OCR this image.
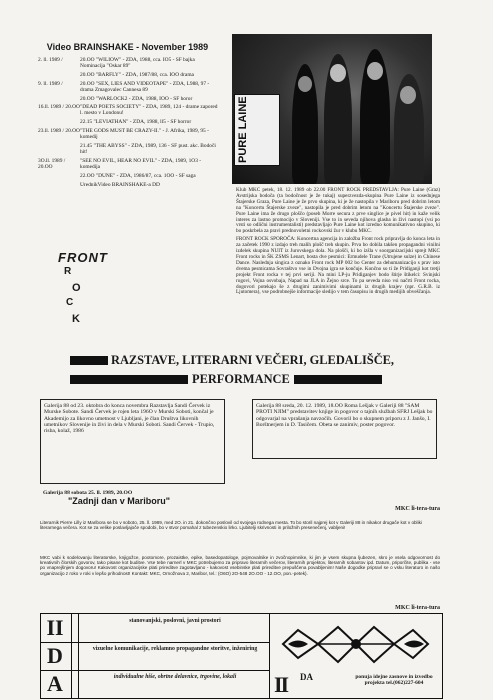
Video BRAINSHAKE - November 1989
2. ll. 1989 /	20.OO "WILIOW" - ZDA, 1988, cca. IO5 - SF bajka Nominacija "Oskar 89"
20.OO "BARFLY" - ZDA, 1987/88, cca. IOO drama
9. ll. 1989 /	20.OO "SEX, LIES AND VIDEOTAPE" - ZDA, L988, 97 - drama Zmagovalec Cannesa 89
20.OO "WARLOCK2 - ZDA, 1988, IOO - SF horor
16.ll. 1989 / 20.OO "DEAD POETS SOCIETY" - ZDA, 1989, 124 - drame zapored l. mesto v Londonu!
22.15 "LEVIATHAN" - ZDA, 1988, ll5 - SF horror
23.ll. 1989 / 20.OO "THE GODS MUST BE CRAZY-II." - J. Afrika, 1989, 95 - komedij
21.45 "THE ABYSS" - ZDA, 1989, 136 - SF pust. akc. Bodoči hit!
3O.ll. 1989 / 20.OO
"SEE NO EVIL, HEAR NO EVIL" - ZDA, 1989, 1O3 - komedija
22.OO "DUNE" - ZDA, 1986/87, cca. 1OO - SF saga
UrednikVideo BRAINSHAKE-a DD
FRONT
R
O
C
K
PURE LAINE

Klub MKC petek, 18. 12. 1989 ob 22.00 FRONT ROCK PREDSTAVLJA: Pure Laine (Graz) Avstrijska bodoča (ta bodočnost je že tukaj) superzvezda-skupina Pure Laine iz sosednjega Štajerske Graza, Pure Laine je že prvo skupina, ki je že nastopila v Mariboru pred dobrim letom na "Koncertu Štajerske zveze", nastopila je pred dobrim letom na "Koncertu Štajerske zveze". Pure Laine ima že drugo ploščo (poseb Morre secura z prve singlice je pivel hit) in kaže velik interes za lastno promocijo v Sloveniji. Vse to in seveda njihova glasba in živi nastopi (vsi po vrsti so odlični instrumentalisti) predstavljajo Pure Laine kot izredno komunikativno skupino, ki bo poskrbela za pravi prednovoletni rockovski žur v klubu MKC.

FRONT ROCK SPOROČA: Koncertna agencija in založba Front rock pripravlja do konca leta in za začetek 1990 z izdajo treh malih plošč treh skupin. Prva bo dobila takšen propagandni vinilni izdelek skupina NUIT iz Jurovskega dola. Na plošči, ki bo izšla v soorganizacijski sprejt MKC Front rocks in ŠK ZSMS Lenart, bosta dve pesmici: Ermudele Trane (Utrujene sulze) in Chinese Dance. Naslednja singica z oznako Front rock MP 002 bo Center za dehumanizacijo s prav isto dvema pesmicama Sovraštvo vse in Dvojna igra se končuje. Končno so ti že Pridiganji kot tretji projekt Front rocka v tej prvi seriji. Na mini LP-ju Pridiganjev bodo štirje štikelci: Svinjski rogovi, Vojna osvobaja, Napad na JLA in Žejno srce. To pa seveda niso vsi načrti Front rocka, dogovori potekajo še z drugimi zanimivimi skupinami iz drugih krajev (npr. G.R.B. iz Ljutomera), vse podrobnejše informacije sledijo v tem časopisu in drugih medijih obveščanja.

RAZSTAVE, LITERARNI VEČERI, GLEDALIŠČE,
PERFORMANCE
Galerija 88 od 23. oktobra do konca novembra Razstavlja Sandi Červek iz Murske Sobote. Sandi Červek je rojen leta 196O v Murski Soboti, končal je Akademijo za likovno umetnost v Ljubljani, je član Društva likovnih umetnikov Slovenije in živi in dela v Murski Soboti. Sandi Červek - Trupio, risba, kolaž, 1986
Galerija 88 sreda, 20. 12. 1989, 18.OO Roma Lešjak v Galeriji 88 "SAM PROTI NJIM" predstavitev knjige in pogovor o tajnih službah SFRJ Lešjak bo odgovarjal na vprašanja navzočih. Govoril bo o skupnem priporu z J. Janšo, I. Borštnerjem in D. Tasičem. Obeta se zanimiv, poster pogovor.
Galerija 88 sobota 25. ll. 1989, 20.OO
"Zadnji dan v Mariboru"
MKC li-tera-tura
Literarnik Pierre Lilly iz Maribora se bo v soboto, 25. ll. 1989, med 2O. in 21. dokončno poslovil od svojega rodnega mesta. To bo storil najprej kot v Galeriji 88 in nikakor drugače kot v obliki literarnega večera. Kot se za velike poslavljajoče spodobi, bo v stvor pomahal z tubezenskio lirko. Ljubitelji skrivnosti in priložnih presenečenj, vabljeni!
MKC vabi k sodelovanju literatorske, knjigožce, pootomore, prozaistke, epike, basedopatologe, pojmovalnike in zvočnopimnike, ki jim je vsem skupna ljubezen, skro je vsela odgovornost do kreativnih člorskih govorov, tako pisane kot buditve. Vse tebe narnerl v MKC potrebujemo za pripravo literarnih večerov, literarnih projektov, literarnih sobantov ipd. Datum, priporčite, publika - vse po vnaprejšnjem dogovoru! Kakovost organizacijske plati prireditve zagotavljano - kakovost vsebinske plati prireditve prepuščena povabljenim! Naše dogodke pripravl se o vsku literaturo in našo organizacijo z roko v roki v lepšo prihodnost! Kontakt: MKC, Ornožnova 2, Maribor, tel.: (O6O) 2O-548 2O.OO - 12.OO, pon.-petek).
MKC li-tera-tura
II	stanovanjski, poslovni, javni prostori
D	vizuelne komunikacije, reklamno propagandne storitve, inženiring
A	individualne hiše, obrtne delavnice, trgovine, lokali	II DA	ponuja idejne zasnove in izvedbo projekta tel.(062)227-604
